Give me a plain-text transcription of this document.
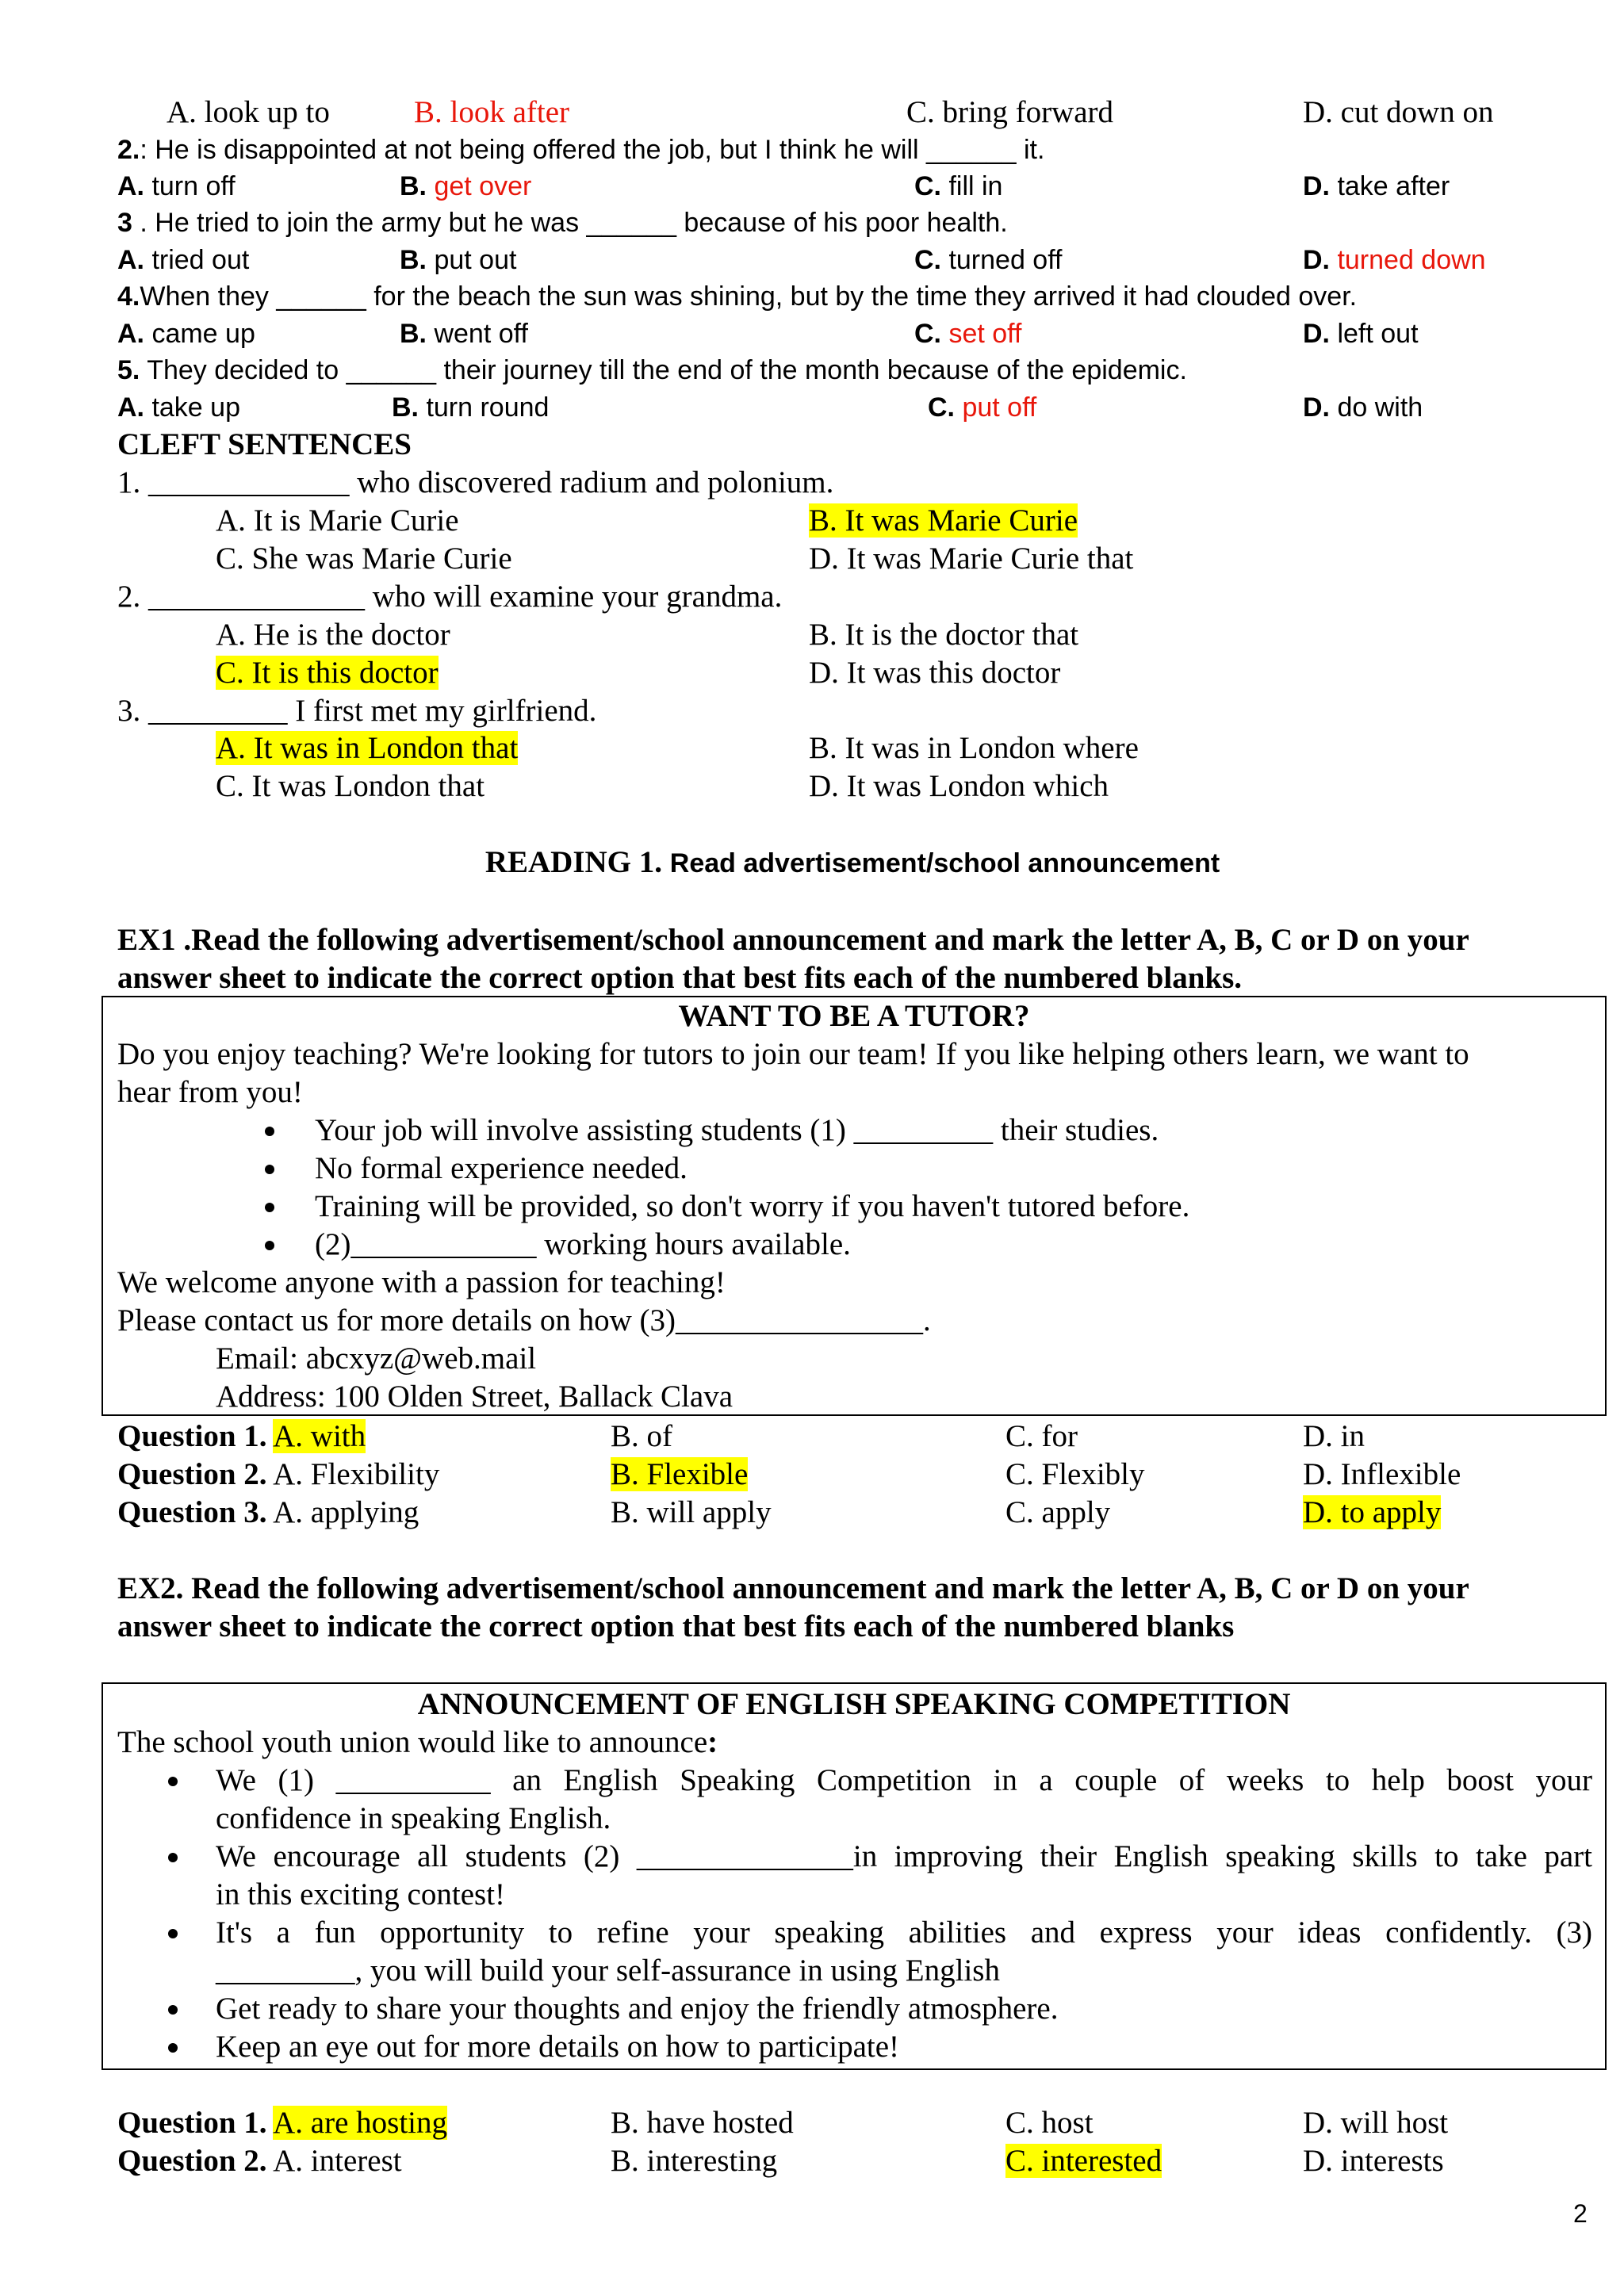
A. look up to	B. look after	C. bring forward	D. cut down on
2.: He is disappointed at not being offered the job, but I think he will ______ it.
A. turn off	B. get over	C. fill in	D. take after
3 . He tried to join the army but he was ______ because of his poor health.
A. tried out	B. put out	C. turned off	D. turned down
4.When they ______ for the beach the sun was shining, but by the time they arrived it had clouded over.
A. came up	B. went off	C. set off	D. left out
5. They decided to ______ their journey till the end of the month because of the epidemic.
A. take up	B. turn round	C. put off	D. do with
CLEFT SENTENCES
1. _____________ who discovered radium and polonium.
A. It is Marie Curie	B. It was Marie Curie
C. She was Marie Curie	D. It was Marie Curie that
2. ______________ who will examine your grandma.
A. He is the doctor	B. It is the doctor that
C. It is this doctor	D. It was this doctor
3. _________ I first met my girlfriend.
A. It was in London that	B. It was in London where
C. It was London that	D. It was London which
READING 1. Read advertisement/school announcement
EX1 .Read the following advertisement/school announcement and mark the letter A, B, C or D on your
answer sheet to indicate the correct option that best fits each of the numbered blanks.
WANT TO BE A TUTOR?
Do you enjoy teaching? We're looking for tutors to join our team! If you like helping others learn, we want to
hear from you!
Your job will involve assisting students (1) _________ their studies.
No formal experience needed.
Training will be provided, so don't worry if you haven't tutored before.
(2)____________ working hours available.
We welcome anyone with a passion for teaching!
Please contact us for more details on how (3)________________.
Email: abcxyz@web.mail
Address: 100 Olden Street, Ballack Clava
Question 1. A. with	B. of	C. for	D. in
Question 2. A. Flexibility	B. Flexible	C. Flexibly	D. Inflexible
Question 3. A. applying	B. will apply	C. apply	D. to apply
EX2. Read the following advertisement/school announcement and mark the letter A, B, C or D on your
answer sheet to indicate the correct option that best fits each of the numbered blanks
ANNOUNCEMENT OF ENGLISH SPEAKING COMPETITION
The school youth union would like to announce:
We (1) __________ an English Speaking Competition in a couple of weeks to help boost your
confidence in speaking English.
We encourage all students (2) ______________in improving their English speaking skills to take part
in this exciting contest!
It's a fun opportunity to refine your speaking abilities and express your ideas confidently. (3)
_________, you will build your self-assurance in using English
Get ready to share your thoughts and enjoy the friendly atmosphere.
Keep an eye out for more details on how to participate!
Question 1. A. are hosting	B. have hosted	C. host	D. will host
Question 2. A. interest	B. interesting	C. interested	D. interests
2
